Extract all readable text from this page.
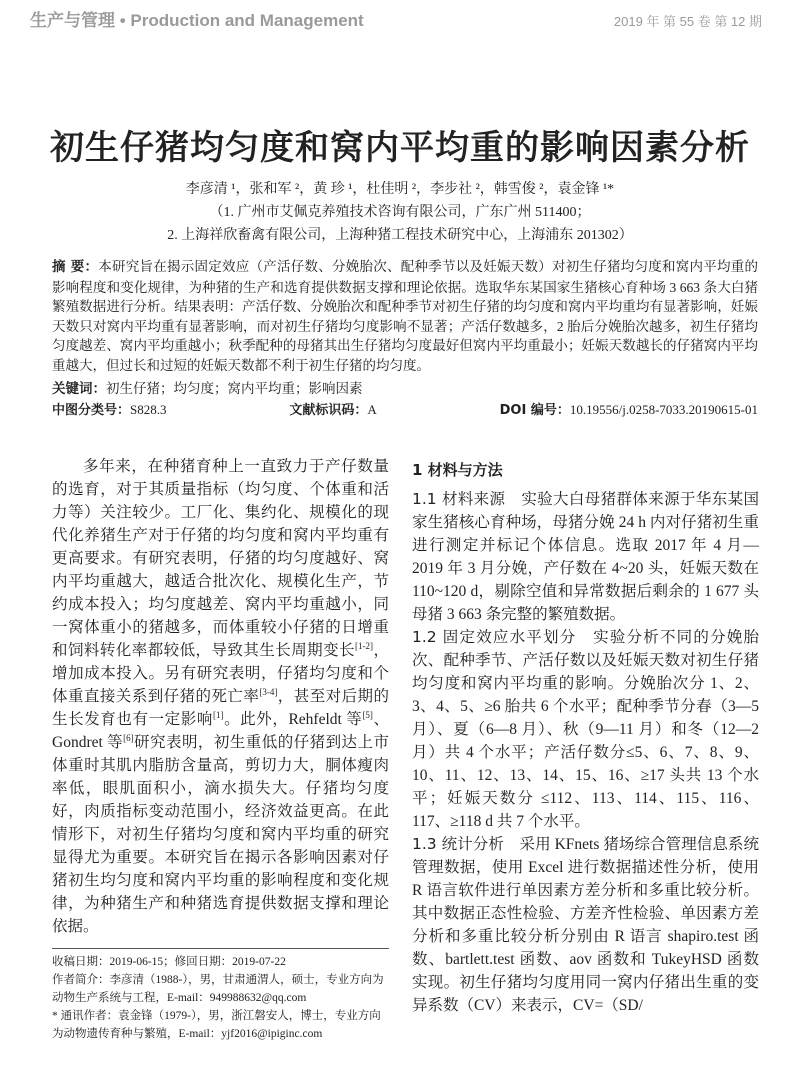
生产与管理 • Production and Management	2019 年 第 55 卷 第 12 期
初生仔猪均匀度和窝内平均重的影响因素分析
李彦清 ¹，张和军 ²，黄 珍 ¹，杜佳明 ²，李步社 ²，韩雪俊 ²，袁金锋 ¹*
（1. 广州市艾佩克养殖技术咨询有限公司，广东广州 511400；
2. 上海祥欣畜禽有限公司，上海种猪工程技术研究中心，上海浦东 201302）
摘 要：本研究旨在揭示固定效应（产活仔数、分娩胎次、配种季节以及妊娠天数）对初生仔猪均匀度和窝内平均重的影响程度和变化规律，为种猪的生产和选育提供数据支撑和理论依据。选取华东某国家生猪核心育种场 3 663 条大白猪繁殖数据进行分析。结果表明：产活仔数、分娩胎次和配种季节对初生仔猪的均匀度和窝内平均重均有显著影响，妊娠天数只对窝内平均重有显著影响，而对初生仔猪均匀度影响不显著；产活仔数越多，2 胎后分娩胎次越多，初生仔猪均匀度越差、窝内平均重越小；秋季配种的母猪其出生仔猪均匀度最好但窝内平均重最小；妊娠天数越长的仔猪窝内平均重越大，但过长和过短的妊娠天数都不利于初生仔猪的均匀度。
关键词：初生仔猪；均匀度；窝内平均重；影响因素
中图分类号：S828.3	文献标识码：A	DOI 编号：10.19556/j.0258-7033.20190615-01

多年来，在种猪育种上一直致力于产仔数量的选育，对于其质量指标（均匀度、个体重和活力等）关注较少。工厂化、集约化、规模化的现代化养猪生产对于仔猪的均匀度和窝内平均重有更高要求。有研究表明，仔猪的均匀度越好、窝内平均重越大，越适合批次化、规模化生产，节约成本投入；均匀度越差、窝内平均重越小，同一窝体重小的猪越多，而体重较小仔猪的日增重和饲料转化率都较低，导致其生长周期变长[1-2]，增加成本投入。另有研究表明，仔猪均匀度和个体重直接关系到仔猪的死亡率[3-4]，甚至对后期的生长发育也有一定影响[1]。此外，Rehfeldt 等[5]、Gondret 等[6]研究表明，初生重低的仔猪到达上市体重时其肌内脂肪含量高，剪切力大，胴体瘦肉率低，眼肌面积小，滴水损失大。仔猪均匀度好，肉质指标变动范围小，经济效益更高。在此情形下，对初生仔猪均匀度和窝内平均重的研究显得尤为重要。本研究旨在揭示各影响因素对仔猪初生均匀度和窝内平均重的影响程度和变化规律，为种猪生产和种猪选育提供数据支撑和理论依据。

收稿日期：2019-06-15；修回日期：2019-07-22
作者简介：李彦清（1988-），男，甘肃通渭人，硕士，专业方向为动物生产系统与工程，E-mail：949988632@qq.com
* 通讯作者：袁金锋（1979-），男，浙江磐安人，博士，专业方向为动物遗传育种与繁殖，E-mail：yjf2016@ipiginc.com

1 材料与方法

1.1 材料来源　 实验大白母猪群体来源于华东某国家生猪核心育种场，母猪分娩 24 h 内对仔猪初生重进行测定并标记个体信息。选取 2017 年 4 月—2019 年 3 月分娩，产仔数在 4~20 头，妊娠天数在 110~120 d，剔除空值和异常数据后剩余的 1 677 头母猪 3 663 条完整的繁殖数据。

1.2 固定效应水平划分　 实验分析不同的分娩胎次、配种季节、产活仔数以及妊娠天数对初生仔猪均匀度和窝内平均重的影响。分娩胎次分 1、2、3、4、5、≥6 胎共 6 个水平；配种季节分春（3—5 月）、夏（6—8 月）、秋（9—11 月）和冬（12—2 月）共 4 个水平；产活仔数分≤5、6、7、8、9、10、11、12、13、14、15、16、≥17 头共 13 个水平；妊娠天数分 ≤112、113、114、115、116、117、≥118 d 共 7 个水平。

1.3 统计分析　 采用 KFnets 猪场综合管理信息系统管理数据，使用 Excel 进行数据描述性分析，使用 R 语言软件进行单因素方差分析和多重比较分析。其中数据正态性检验、方差齐性检验、单因素方差分析和多重比较分析分别由 R 语言 shapiro.test 函数、bartlett.test 函数、aov 函数和 TukeyHSD 函数实现。初生仔猪均匀度用同一窝内仔猪出生重的变异系数（CV）来表示，CV=（SD/
